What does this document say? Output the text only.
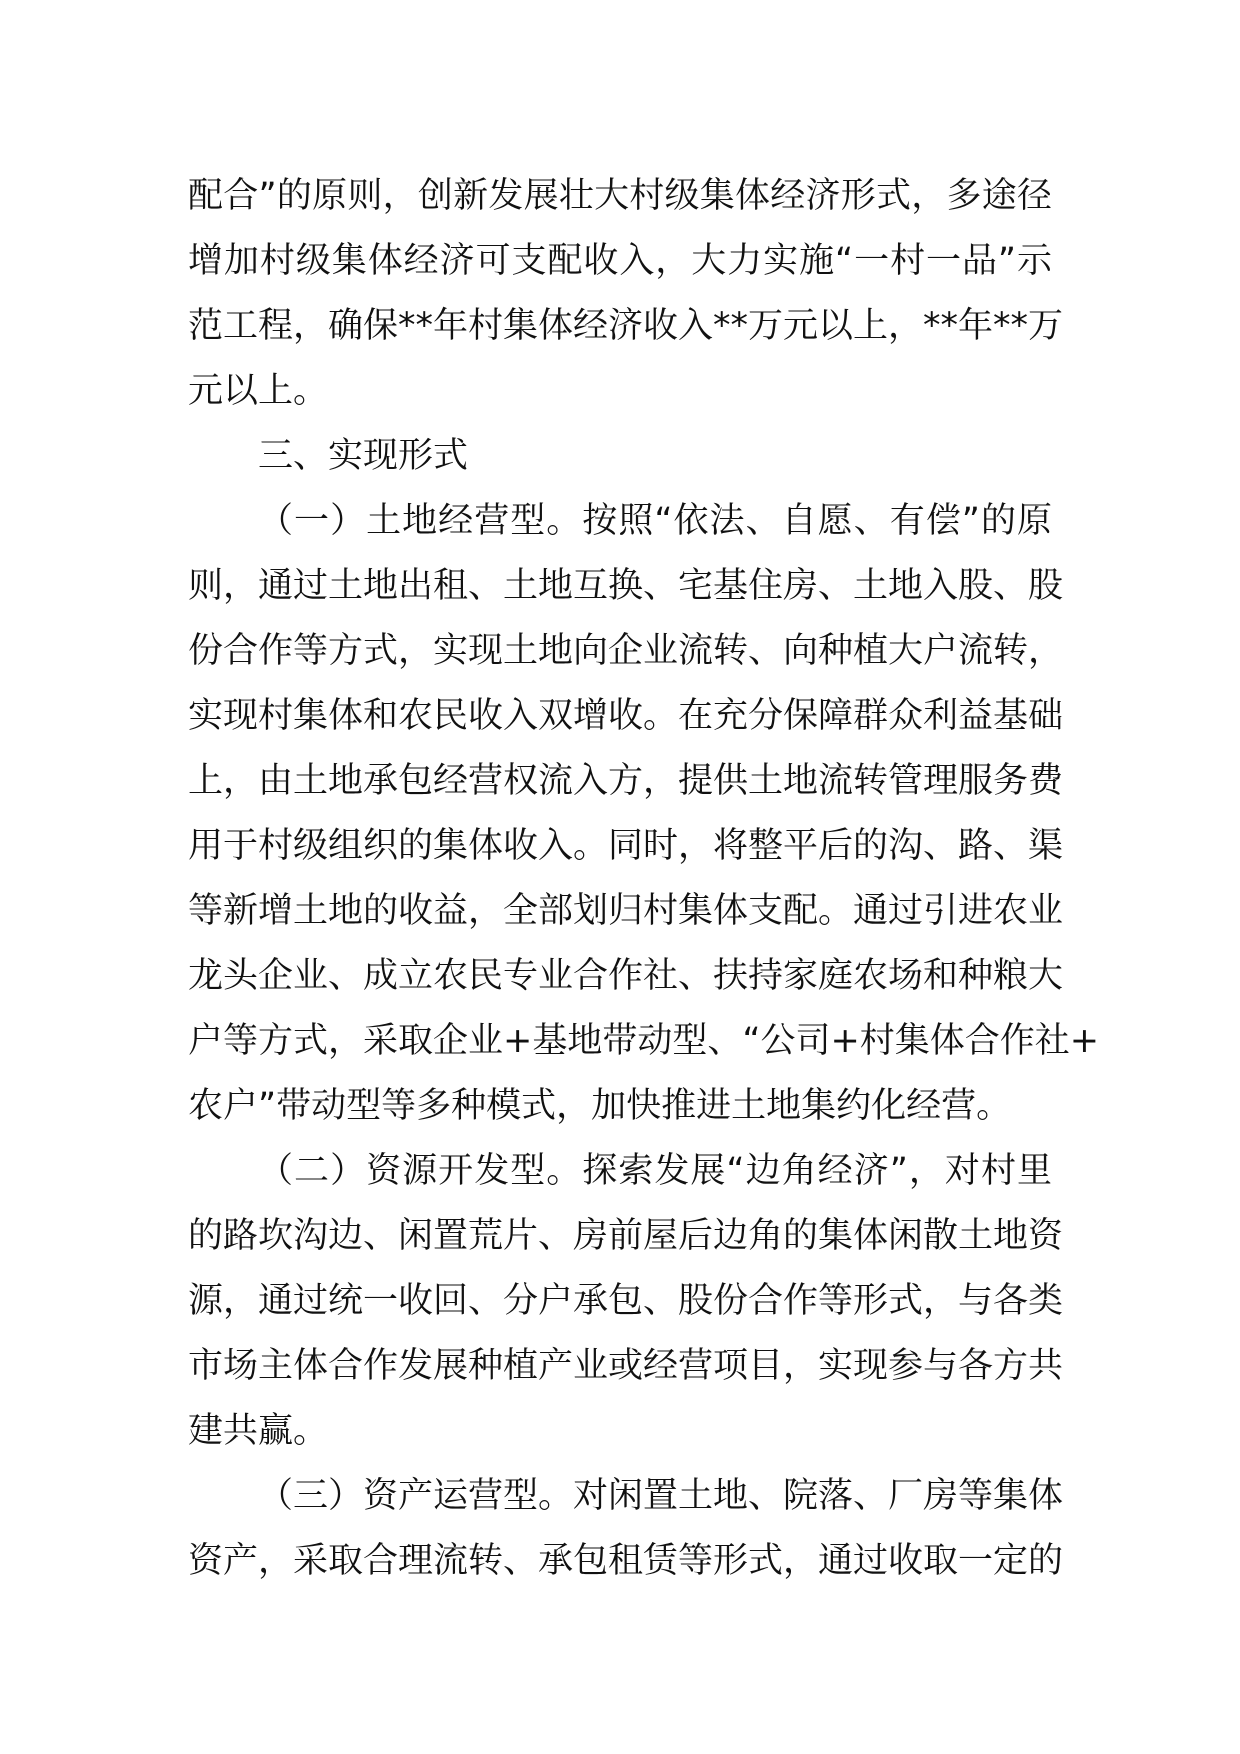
配合”的原则，创新发展壮大村级集体经济形式，多途径
增加村级集体经济可支配收入，大力实施“一村一品”示
范工程，确保**年村集体经济收入**万元以上，**年**万
元以上。
三、实现形式
（一）土地经营型。按照“依法、自愿、有偿”的原
则，通过土地出租、土地互换、宅基住房、土地入股、股
份合作等方式，实现土地向企业流转、向种植大户流转，
实现村集体和农民收入双增收。在充分保障群众利益基础
上，由土地承包经营权流入方，提供土地流转管理服务费
用于村级组织的集体收入。同时，将整平后的沟、路、渠
等新增土地的收益，全部划归村集体支配。通过引进农业
龙头企业、成立农民专业合作社、扶持家庭农场和种粮大
户等方式，采取企业+基地带动型、“公司+村集体合作社+
农户”带动型等多种模式，加快推进土地集约化经营。
（二）资源开发型。探索发展“边角经济”，对村里
的路坎沟边、闲置荒片、房前屋后边角的集体闲散土地资
源，通过统一收回、分户承包、股份合作等形式，与各类
市场主体合作发展种植产业或经营项目，实现参与各方共
建共赢。
（三）资产运营型。对闲置土地、院落、厂房等集体
资产，采取合理流转、承包租赁等形式，通过收取一定的
